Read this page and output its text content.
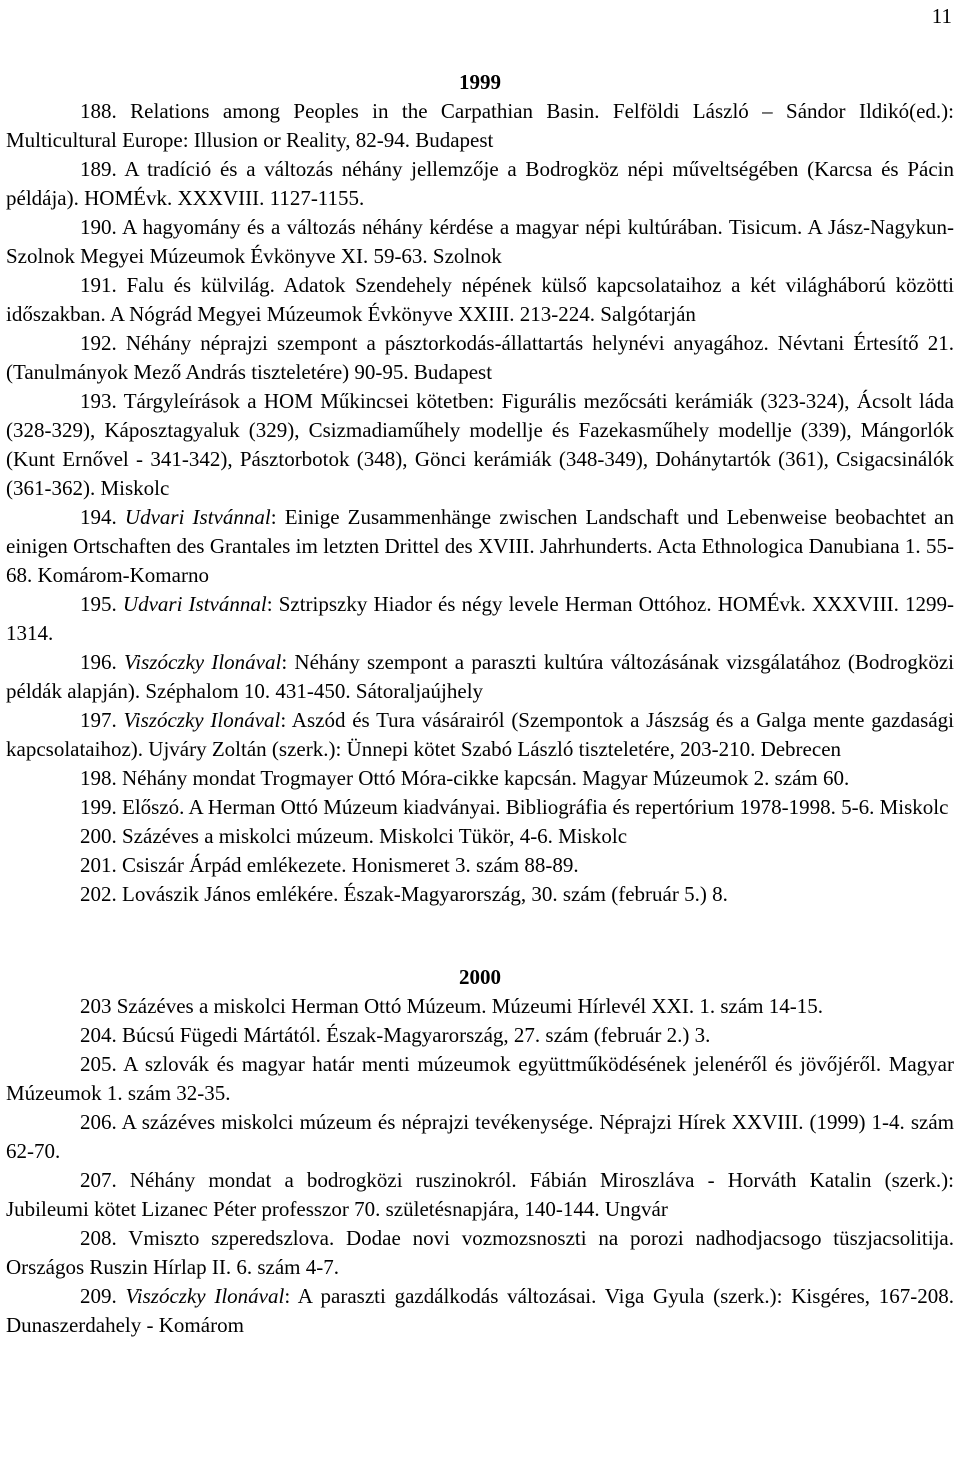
11
1999
188. Relations among Peoples in the Carpathian Basin. Felföldi László – Sándor Ildikó(ed.): Multicultural Europe: Illusion or Reality, 82-94. Budapest
189. A tradíció és a változás néhány jellemzője a Bodrogköz népi műveltségében (Karcsa és Pácin példája). HOMÉvk. XXXVIII. 1127-1155.
190. A hagyomány és a változás néhány kérdése a magyar népi kultúrában. Tisicum. A Jász-Nagykun-Szolnok Megyei Múzeumok Évkönyve XI. 59-63. Szolnok
191. Falu és külvilág. Adatok Szendehely népének külső kapcsolataihoz a két világháború közötti időszakban. A Nógrád Megyei Múzeumok Évkönyve XXIII. 213-224. Salgótarján
192. Néhány néprajzi szempont a pásztorkodás-állattartás helynévi anyagához. Névtani Értesítő 21. (Tanulmányok Mező András tiszteletére) 90-95. Budapest
193. Tárgyleírások a HOM Műkincsei kötetben: Figurális mezőcsáti kerámiák (323-324), Ácsolt láda (328-329), Káposztagyaluk (329), Csizmadiaműhely modellje és Fazekasműhely modellje (339), Mángorlók (Kunt Ernővel - 341-342), Pásztorbotok (348), Gönci kerámiák (348-349), Dohánytartók (361), Csigacsinálók (361-362). Miskolc
194. Udvari Istvánnal: Einige Zusammenhänge zwischen Landschaft und Lebenweise beobachtet an einigen Ortschaften des Grantales im letzten Drittel des XVIII. Jahrhunderts. Acta Ethnologica Danubiana 1. 55-68. Komárom-Komarno
195. Udvari Istvánnal: Sztripszky Hiador és négy levele Herman Ottóhoz. HOMÉvk. XXXVIII. 1299-1314.
196. Viszóczky Ilonával: Néhány szempont a paraszti kultúra változásának vizsgálatához (Bodrogközi példák alapján). Széphalom 10. 431-450. Sátoraljaújhely
197. Viszóczky Ilonával: Aszód és Tura vásárairól (Szempontok a Jászság és a Galga mente gazdasági kapcsolataihoz). Ujváry Zoltán (szerk.): Ünnepi kötet Szabó László tiszteletére, 203-210. Debrecen
198. Néhány mondat Trogmayer Ottó Móra-cikke kapcsán. Magyar Múzeumok 2. szám 60.
199. Előszó. A Herman Ottó Múzeum kiadványai. Bibliográfia és repertórium 1978-1998. 5-6. Miskolc
200. Százéves a miskolci múzeum. Miskolci Tükör, 4-6. Miskolc
201. Csiszár Árpád emlékezete. Honismeret 3. szám 88-89.
202. Lovászik János emlékére. Észak-Magyarország, 30. szám (február 5.) 8.
2000
203 Százéves a miskolci Herman Ottó Múzeum. Múzeumi Hírlevél XXI. 1. szám 14-15.
204. Búcsú Fügedi Mártától. Észak-Magyarország, 27. szám (február 2.) 3.
205. A szlovák és magyar határ menti múzeumok együttműködésének jelenéről és jövőjéről. Magyar Múzeumok 1. szám 32-35.
206. A százéves miskolci múzeum és néprajzi tevékenysége. Néprajzi Hírek XXVIII. (1999) 1-4. szám 62-70.
207. Néhány mondat a bodrogközi ruszinokról. Fábián Miroszláva - Horváth Katalin (szerk.): Jubileumi kötet Lizanec Péter professzor 70. születésnapjára, 140-144. Ungvár
208. Vmiszto szperedszlova. Dodae novi vozmozsnoszti na porozi nadhodjacsogo tüszjacsolitija. Országos Ruszin Hírlap II. 6. szám 4-7.
209. Viszóczky Ilonával: A paraszti gazdálkodás változásai. Viga Gyula (szerk.): Kisgéres, 167-208. Dunaszerdahely - Komárom
